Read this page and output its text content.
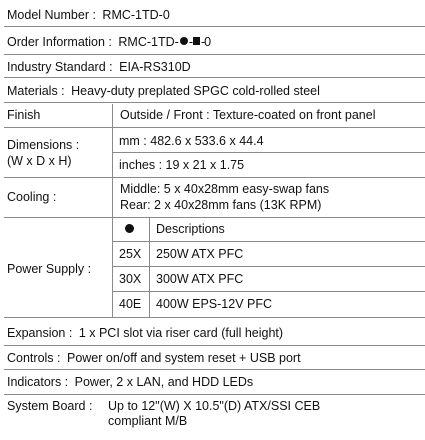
Model Number : RMC-1TD-0
Order Information : RMC-1TD- - -0
Industry Standard : EIA-RS310D
Materials : Heavy-duty preplated SPGC cold-rolled steel
Finish	Outside / Front : Texture-coated on front panel
Dimensions :
(W x D x H)
mm : 482.6 x 533.6 x 44.4
inches : 19 x 21 x 1.75
Cooling :
Middle: 5 x 40x28mm easy-swap fans
Rear: 2 x 40x28mm fans (13K RPM)
Power Supply :
Descriptions
25X 250W ATX PFC
30X 300W ATX PFC
40E 400W EPS-12V PFC
Expansion : 1 x PCI slot via riser card (full height)
Controls : Power on/off and system reset + USB port
Indicators : Power, 2 x LAN, and HDD LEDs
System Board : Up to 12"(W) X 10.5"(D) ATX/SSI CEB
compliant M/B
